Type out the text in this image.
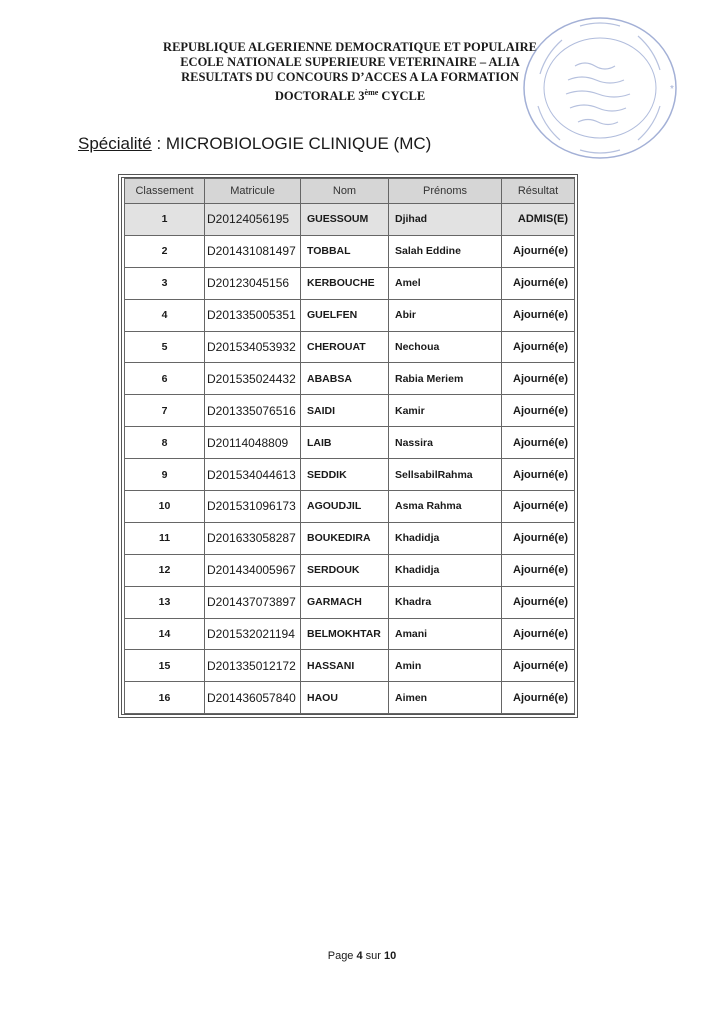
REPUBLIQUE ALGERIENNE DEMOCRATIQUE ET POPULAIRE
ECOLE NATIONALE SUPERIEURE VETERINAIRE – ALIA
RESULTATS DU CONCOURS D’ACCES A LA FORMATION
DOCTORALE 3ème CYCLE	*
Spécialité : MICROBIOLOGIE CLINIQUE (MC)
Classement	Matricule	Nom	Prénoms	Résultat
1	D20124056195	GUESSOUM	Djihad	ADMIS(E)
2	D201431081497	TOBBAL	Salah Eddine	Ajourné(e)
3	D20123045156	KERBOUCHE	Amel	Ajourné(e)
4	D201335005351	GUELFEN	Abir	Ajourné(e)
5	D201534053932	CHEROUAT	Nechoua	Ajourné(e)
6	D201535024432	ABABSA	Rabia Meriem	Ajourné(e)
7	D201335076516	SAIDI	Kamir	Ajourné(e)
8	D20114048809	LAIB	Nassira	Ajourné(e)
9	D201534044613	SEDDIK	SellsabilRahma	Ajourné(e)
10	D201531096173	AGOUDJIL	Asma Rahma	Ajourné(e)
11	D201633058287	BOUKEDIRA	Khadidja	Ajourné(e)
12	D201434005967	SERDOUK	Khadidja	Ajourné(e)
13	D201437073897	GARMACH	Khadra	Ajourné(e)
14	D201532021194	BELMOKHTAR	Amani	Ajourné(e)
15	D201335012172	HASSANI	Amin	Ajourné(e)
16	D201436057840	HAOU	Aimen	Ajourné(e)
Page 4 sur 10
